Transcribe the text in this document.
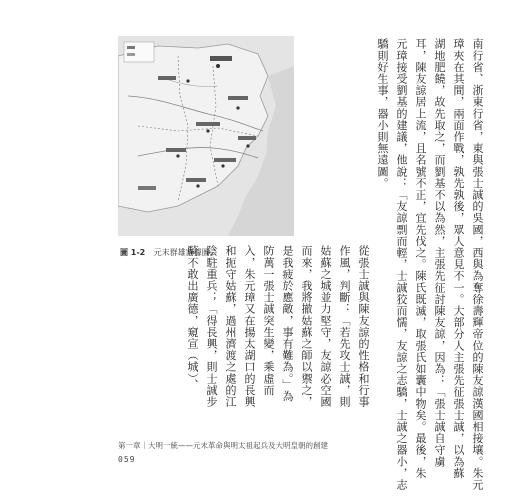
圖 1-2 元末群雄割據圖。	南行省、浙東行省，東與張士誠的吳國，西與為奪徐壽輝帝位的陳友諒漢國相接壤。朱元
璋夾在其間，兩面作戰，孰先孰後，眾人意見不一。大部分人主張先征張士誠，以為蘇
湖地肥饒，故先取之，而劉基不以為然，主張先征討陳友諒，因為：「張士誠自守虜
耳，陳友諒居上流，且名號不正，宜先伐之。陳氏既滅，取張氏如囊中物矣。最後，朱
元璋接受劉基的建議，他說：「友諒剽而輕，士誠狡而懦，友諒之志驕，士誠之器小，志
驕則好生事，器小則無遠圖。
從張士誠與陳友諒的性格和行事
作風，判斷：「若先攻士誠，則
姑蘇之城並力堅守，友諒必空國
而來，我將撤姑蘇之師以禦之，
是我疲於應敵，事有難為。」為
防萬一張士誠突生變，乘虛而
入，朱元璋又在揚太湖口的長興
和扼守姑蘇，過州濟渡之處的江
陰駐重兵；「得長興，則士誠步
騎不敢出廣德，窺宣（城）、
第一章｜大明一統——元末革命與明太祖起兵及大明皇朝的創建
059
